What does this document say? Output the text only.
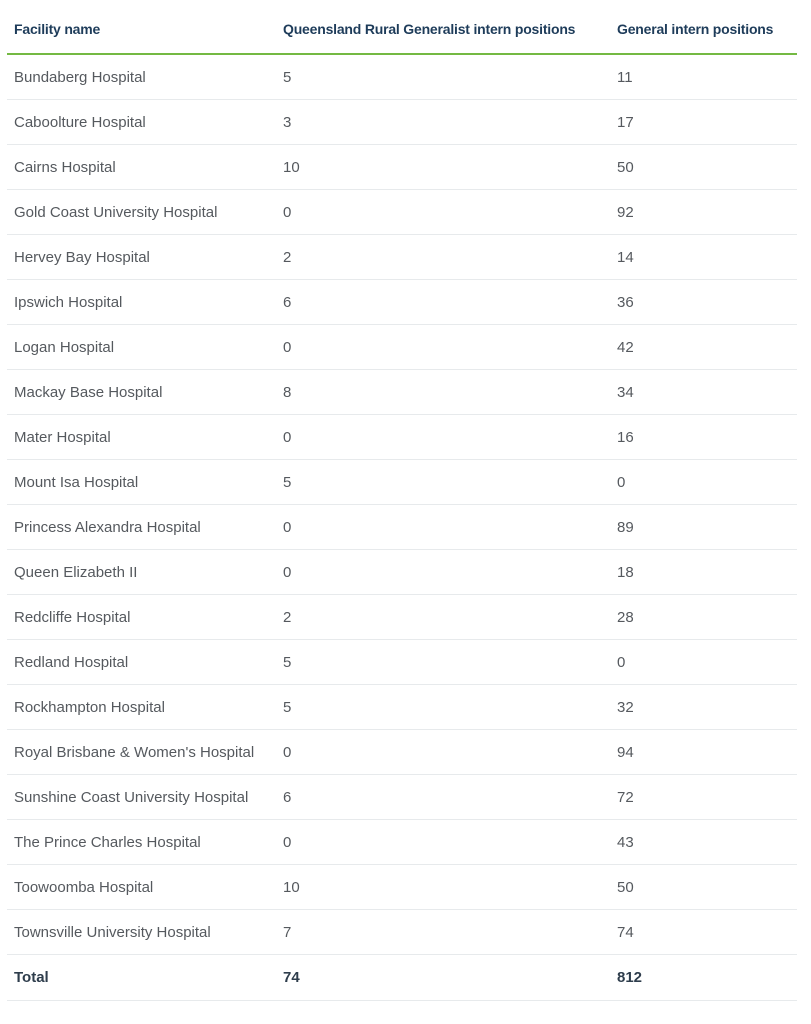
Facility name	Queensland Rural Generalist intern positions	General intern positions
Bundaberg Hospital	5	11
Caboolture Hospital	3	17
Cairns Hospital	10	50
Gold Coast University Hospital	0	92
Hervey Bay Hospital	2	14
Ipswich Hospital	6	36
Logan Hospital	0	42
Mackay Base Hospital	8	34
Mater Hospital	0	16
Mount Isa Hospital	5	0
Princess Alexandra Hospital	0	89
Queen Elizabeth II	0	18
Redcliffe Hospital	2	28
Redland Hospital	5	0
Rockhampton Hospital	5	32
Royal Brisbane & Women's Hospital	0	94
Sunshine Coast University Hospital	6	72
The Prince Charles Hospital	0	43
Toowoomba Hospital	10	50
Townsville University Hospital	7	74
Total	74	812
